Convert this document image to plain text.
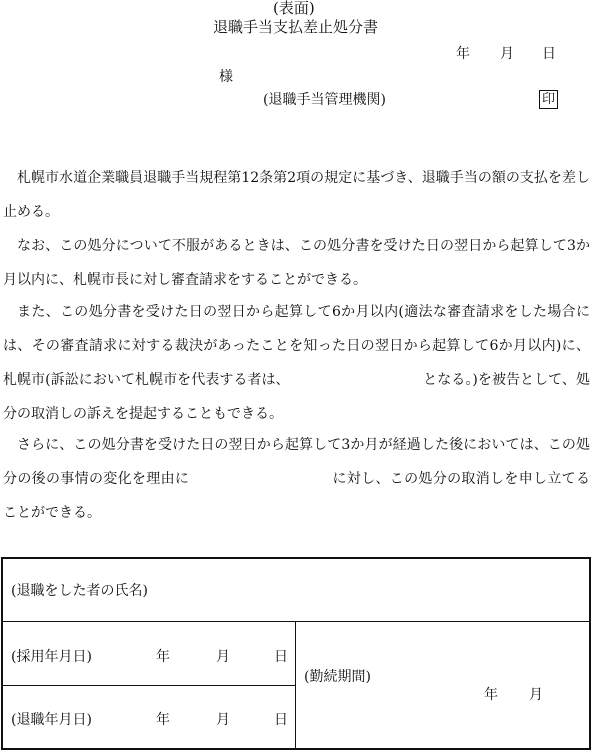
(表面)
退職手当支払差止処分書
年 月 日
様
(退職手当管理機関)	印

札幌市水道企業職員退職手当規程第12条第2項の規定に基づき、退職手当の額の支払を差し止める。

なお、この処分について不服があるときは、この処分書を受けた日の翌日から起算して3か月以内に、札幌市長に対し審査請求をすることができる。

また、この処分書を受けた日の翌日から起算して6か月以内(適法な審査請求をした場合には、その審査請求に対する裁決があったことを知った日の翌日から起算して6か月以内)に、札幌市(訴訟において札幌市を代表する者は、　　　　　　　　　　となる。)を被告として、処分の取消しの訴えを提起することもできる。

さらに、この処分書を受けた日の翌日から起算して3か月が経過した後においては、この処分の後の事情の変化を理由に　　　　　　　　　　に対し、この処分の取消しを申し立てることができる。

(退職をした者の氏名)
(採用年月日)	年	月	日
(退職年月日)	年	月	日
(勤続期間)
年 月
